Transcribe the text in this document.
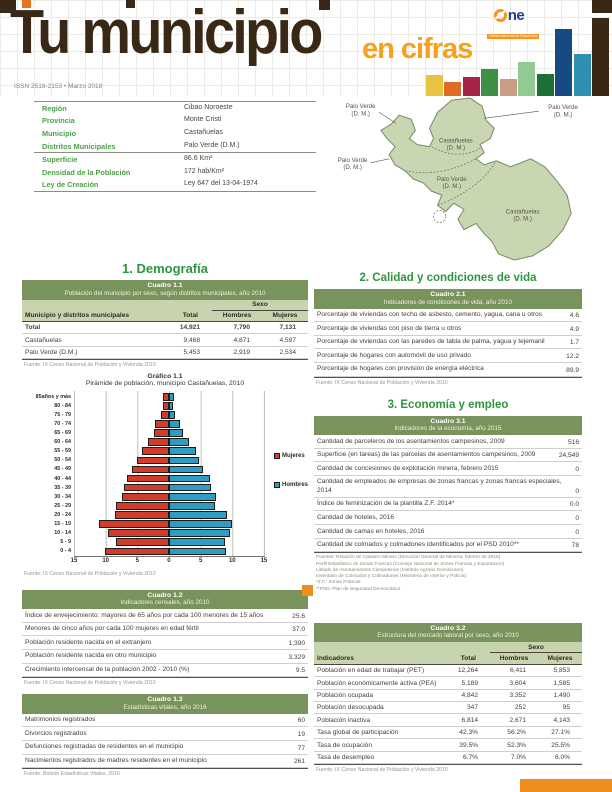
Tu municipio en cifras
ISSN 2518-2153 • Marzo 2018
ne
Oficina Nacional de Estadística
Región	Cibao Noroeste
Provincia	Monte Cristi
Municipio	Castañuelas
Distritos Municipales	Palo Verde (D.M.)
Superficie	86.6 Km²
Densidad de la Población	172 hab/Km²
Ley de Creación	Ley 647 del 13-04-1974
Palo Verde
(D. M.)
Palo Verde
(D. M.)
Palo Verde
(D. M.)
Castañuelas
(D. M.)
Palo Verde
(D. M.)
Castañuelas
(D. M.)
1. Demografía
Cuadro 1.1
Población del municipio por sexo, según distritos municipales, año 2010
Municipio y distritos municipales	Total
Sexo
Hombres	Mujeres
Total	14,921	7,790	7,131
Castañuelas	9,468	4,871	4,597
Palo Verde (D.M.)	5,453	2,919	2,534
Fuente: IX Censo Nacional de Población y Vivienda 2010
Gráfico 1.1
Pirámide de población, municipio Castañuelas, 2010
85años y más
80 - 84
75 - 79
70 - 74
65 - 69
60 - 64
55 - 59
50 - 54
45 - 49
40 - 44
35 - 39
30 - 34
25 - 29
20 - 24
15 - 19
10 - 14
5 - 9
0 - 4
15	10	5	0	5	10	15
Mujeres
Hombres
Fuente: IX Censo Nacional de Población y Vivienda 2010
Cuadro 1.2
Indicadores censales, año 2010
Índice de envejecimiento: mayores de 65 años por cada 100 menores de 15 años	25.6
Menores de cinco años por cada 100 mujeres en edad fértil	37.0
Población residente nacida en el extranjero	1,390
Población residente nacida en otro municipio	3,329
Crecimiento intercensal de la población 2002 - 2010 (%)	9.5
Fuente: IX Censo Nacional de Población y Vivienda 2010
Cuadro 1.3
Estadísticas vitales, año 2016
Matrimonios registrados	60
Divorcios registrados	19
Defunciones registradas de residentes en el municipio	77
Nacimientos registrados de madres residentes en el municipio	261
Fuente: Boletín Estadísticas Vitales, 2016
2. Calidad y condiciones de vida
Cuadro 2.1
Indicadores de condiciones de vida, año 2010
Porcentaje de viviendas con techo de asbesto, cemento, yagua, cana u otros	4.6
Porcentaje de viviendas con piso de tierra u otros	4.9
Porcentaje de viviendas con las paredes de tabla de palma, yagua y tejemanil	1.7
Porcentaje de hogares con automóvil de uso privado	12.2
Porcentaje de hogares con provisión de energía eléctrica	89.9
Fuente: IX Censo Nacional de Población y Vivienda 2010
3. Economía y empleo
Cuadro 3.1
Indicadores de la economía, año 2015
Cantidad de parceleros de los asentamientos campesinos, 2009	516
Superficie (en tareas) de las parcelas de asentamientos campesinos, 2009	24,549
Cantidad de concesiones de explotación minera, febrero 2015	0
Cantidad de empleados de empresas de zonas francas y zonas francas especiales, 2014	0
Índice de feminización de la plantilla Z.F. 2014*	0.0
Cantidad de hoteles, 2016	0
Cantidad de camas en hoteles, 2016	0
Cantidad de colmados y colmadones identificados por el PSD 2010**	78
Fuentes: Relación de Catastro Minero (Dirección General de Minería, febrero de 2015)
Perfil Estadístico de Zonas Francas (Consejo Nacional de Zonas Francas y Exportación)
Listado de Asentamientos Campesinos (Instituto Agrario Dominicano)
Inventario de Colmados y Colmadones (Ministerio de Interior y Policía)
*Z.F.: Zonas Francas
**PSD: Plan de Seguridad Democrática
Cuadro 3.2
Estructura del mercado laboral por sexo, año 2010
Indicadores	Total
Sexo
Hombres	Mujeres
Población en edad de trabajar (PET)	12,264	6,411	5,853
Población económicamente activa (PEA)	5,189	3,604	1,585
Población ocupada	4,842	3,352	1,490
Población desocupada	347	252	95
Población inactiva	6,814	2,671	4,143
Tasa global de participación	42.3%	56.2%	27.1%
Tasa de ocupación	39.5%	52.3%	25.5%
Tasa de desempleo	6.7%	7.0%	6.0%
Fuente: IX Censo Nacional de Población y Vivienda 2010
